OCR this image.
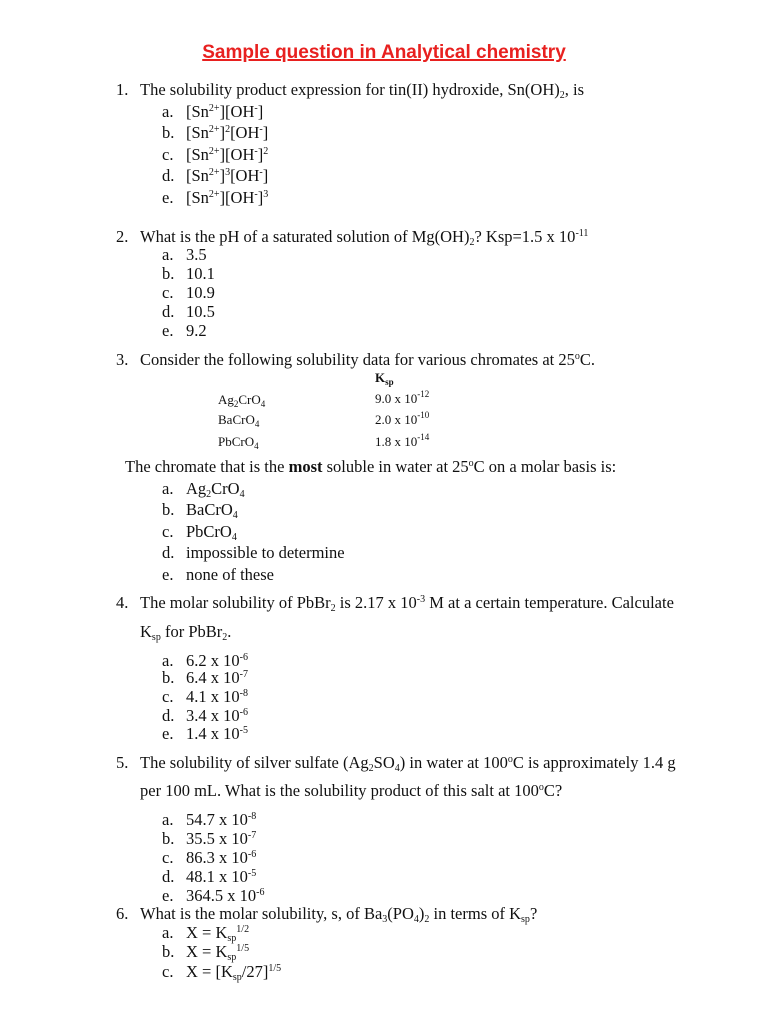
Sample question in Analytical chemistry
1. The solubility product expression for tin(II) hydroxide, $Sn(OH)_2$, is
a. $[Sn^{2+}][OH^-]$
b. $[Sn^{2+}]^2[OH^-]$
c. $[Sn^{2+}][OH^-]^2$
d. $[Sn^{2+}]^3[OH^-]$
e. $[Sn^{2+}][OH^-]^3$
2. What is the pH of a saturated solution of $Mg(OH)_2$? Ksp=1.5 x $10^{-11}$
a. 3.5
b. 10.1
c. 10.9
d. 10.5
e. 9.2
3. Consider the following solubility data for various chromates at 25$^o$C.
$K_{sp}$
$Ag_2CrO_4$	9.0 x $10^{-12}$
BaCrO$_4$	2.0 x $10^{-10}$
PbCrO$_4$	1.8 x $10^{-14}$
The chromate that is the most soluble in water at 25$^o$C on a molar basis is:
a. $Ag_2CrO_4$
b. BaCrO$_4$
c. PbCrO$_4$
d. impossible to determine
e. none of these
4. The molar solubility of PbBr$_2$ is 2.17 x $10^{-3}$ M at a certain temperature. Calculate
$K_{sp}$ for PbBr$_2$.
a. 6.2 x $10^{-6}$
b. 6.4 x $10^{-7}$
c. 4.1 x $10^{-8}$
d. 3.4 x $10^{-6}$
e. 1.4 x $10^{-5}$
5. The solubility of silver sulfate $(Ag_2SO_4)$ in water at 100$^o$C is approximately 1.4 g
per 100 mL. What is the solubility product of this salt at 100$^o$C?
a. 54.7 x $10^{-8}$
b. 35.5 x $10^{-7}$
c. 86.3 x $10^{-6}$
d. 48.1 x $10^{-5}$
e. 364.5 x $10^{-6}$
6. What is the molar solubility, s, of $Ba_3(PO_4)_2$ in terms of $K_{sp}$?
a. $X = K_{sp}^{1/2}$
b. $X = K_{sp}^{1/5}$
c. $X = [K_{sp}/27]^{1/5}$
